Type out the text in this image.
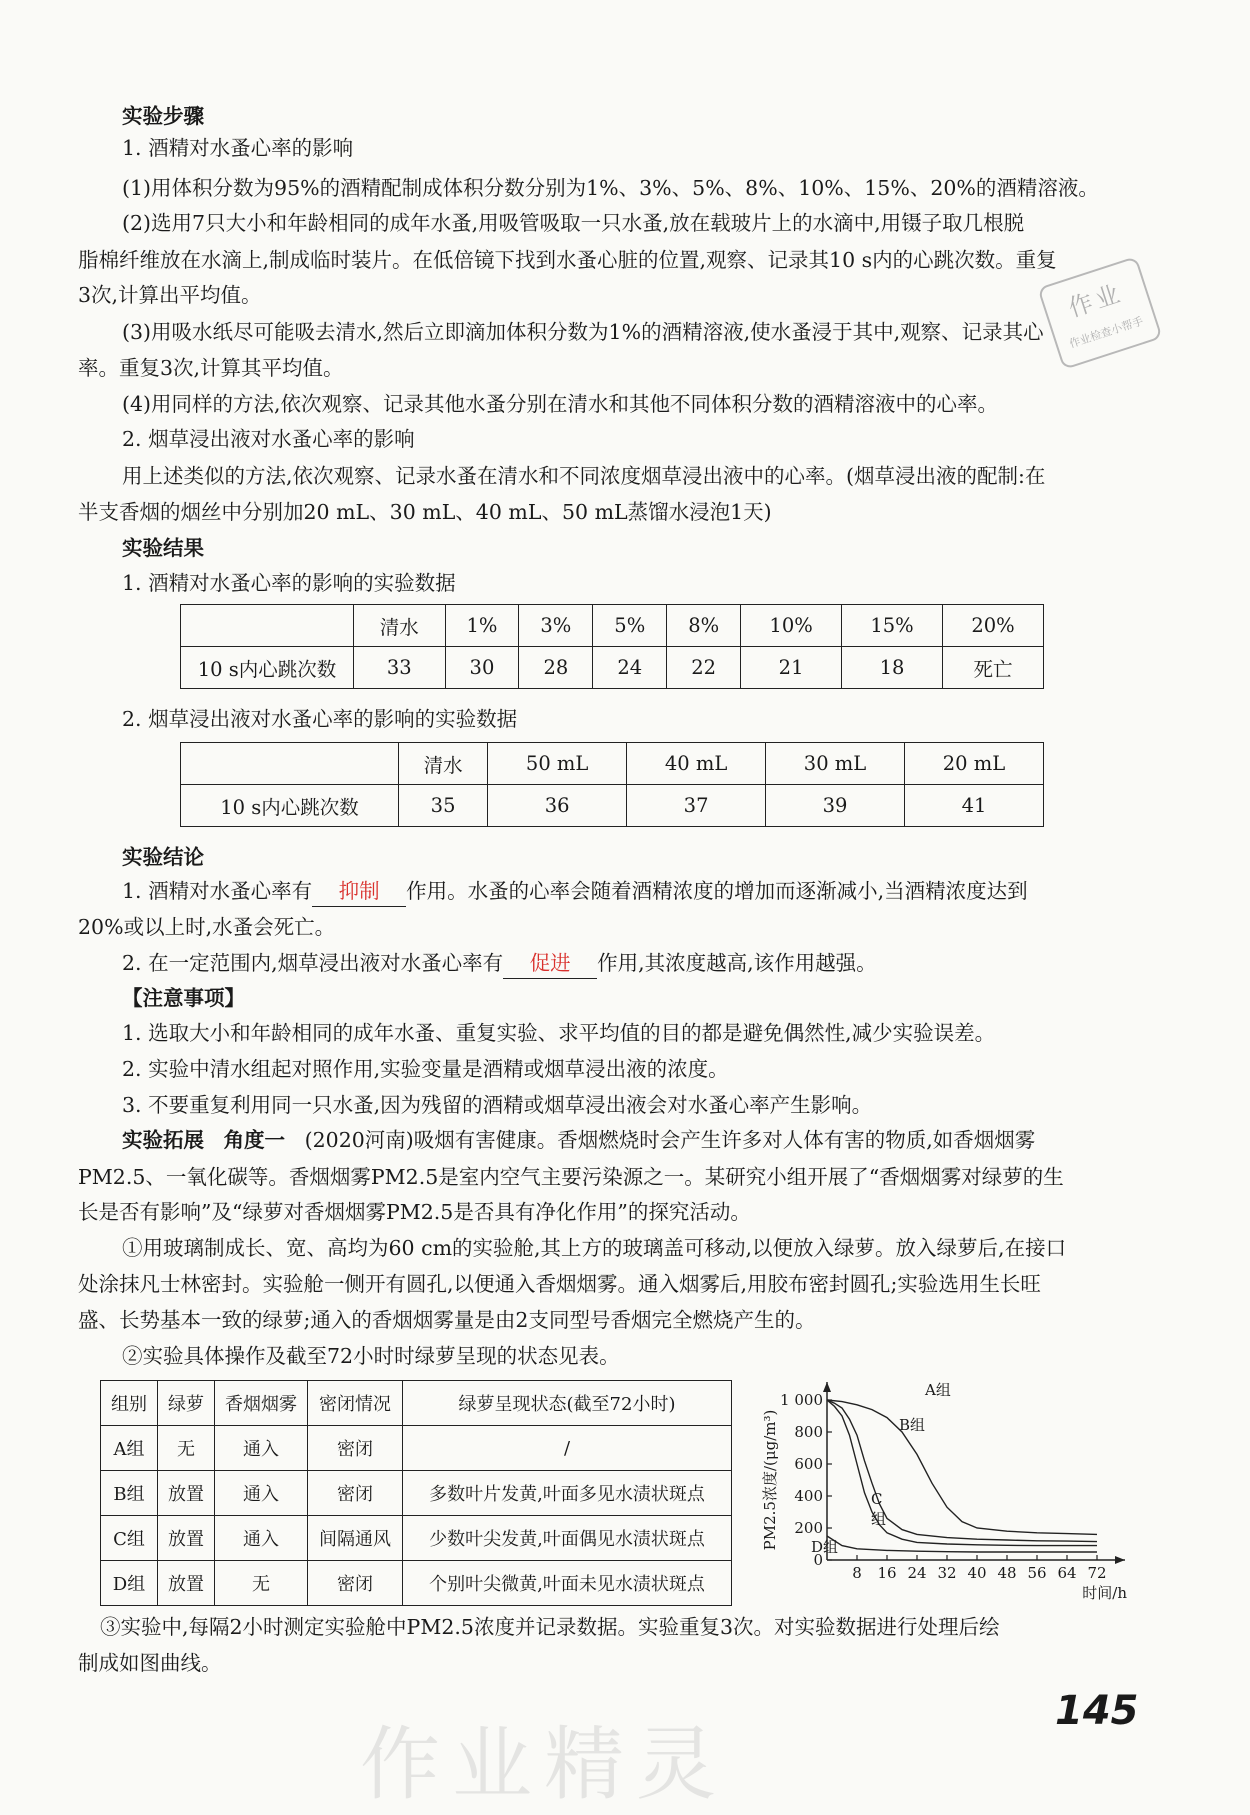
实验步骤
1. 酒精对水蚤心率的影响
(1)用体积分数为95%的酒精配制成体积分数分别为1%、3%、5%、8%、10%、15%、20%的酒精溶液。
(2)选用7只大小和年龄相同的成年水蚤,用吸管吸取一只水蚤,放在载玻片上的水滴中,用镊子取几根脱
脂棉纤维放在水滴上,制成临时装片。在低倍镜下找到水蚤心脏的位置,观察、记录其10 s内的心跳次数。重复
3次,计算出平均值。
(3)用吸水纸尽可能吸去清水,然后立即滴加体积分数为1%的酒精溶液,使水蚤浸于其中,观察、记录其心
率。重复3次,计算其平均值。
(4)用同样的方法,依次观察、记录其他水蚤分别在清水和其他不同体积分数的酒精溶液中的心率。
2. 烟草浸出液对水蚤心率的影响
用上述类似的方法,依次观察、记录水蚤在清水和不同浓度烟草浸出液中的心率。(烟草浸出液的配制:在
半支香烟的烟丝中分别加20 mL、30 mL、40 mL、50 mL蒸馏水浸泡1天)
实验结果
1. 酒精对水蚤心率的影响的实验数据
	清水	1%	3%	5%	8%	10%	15%	20%
10 s内心跳次数	33	30	28	24	22	21	18	死亡
2. 烟草浸出液对水蚤心率的影响的实验数据
	清水	50 mL	40 mL	30 mL	20 mL
10 s内心跳次数	35	36	37	39	41
实验结论
1. 酒精对水蚤心率有 抑制 作用。水蚤的心率会随着酒精浓度的增加而逐渐减小,当酒精浓度达到
20%或以上时,水蚤会死亡。
2. 在一定范围内,烟草浸出液对水蚤心率有 促进 作用,其浓度越高,该作用越强。
【注意事项】
1. 选取大小和年龄相同的成年水蚤、重复实验、求平均值的目的都是避免偶然性,减少实验误差。
2. 实验中清水组起对照作用,实验变量是酒精或烟草浸出液的浓度。
3. 不要重复利用同一只水蚤,因为残留的酒精或烟草浸出液会对水蚤心率产生影响。
实验拓展 角度一 (2020河南)吸烟有害健康。香烟燃烧时会产生许多对人体有害的物质,如香烟烟雾
PM2.5、一氧化碳等。香烟烟雾PM2.5是室内空气主要污染源之一。某研究小组开展了“香烟烟雾对绿萝的生
长是否有影响”及“绿萝对香烟烟雾PM2.5是否具有净化作用”的探究活动。
①用玻璃制成长、宽、高均为60 cm的实验舱,其上方的玻璃盖可移动,以便放入绿萝。放入绿萝后,在接口
处涂抹凡士林密封。实验舱一侧开有圆孔,以便通入香烟烟雾。通入烟雾后,用胶布密封圆孔;实验选用生长旺
盛、长势基本一致的绿萝;通入的香烟烟雾量是由2支同型号香烟完全燃烧产生的。
②实验具体操作及截至72小时时绿萝呈现的状态见表。
组别	绿萝	香烟烟雾	密闭情况	绿萝呈现状态(截至72小时)
A组	无	通入	密闭	/
B组	放置	通入	密闭	多数叶片发黄,叶面多见水渍状斑点
C组	放置	通入	间隔通风	少数叶尖发黄,叶面偶见水渍状斑点
D组	放置	无	密闭	个别叶尖微黄,叶面未见水渍状斑点
8 16 24 32 40 48 56 64 72
0
200
400
600
800
1 000
A组
B组
C
组
D组
时间/h
PM2.5浓度/(μg/m³)
③实验中,每隔2小时测定实验舱中PM2.5浓度并记录数据。实验重复3次。对实验数据进行处理后绘
制成如图曲线。
作业精灵
145
作业
作业检查小帮手
